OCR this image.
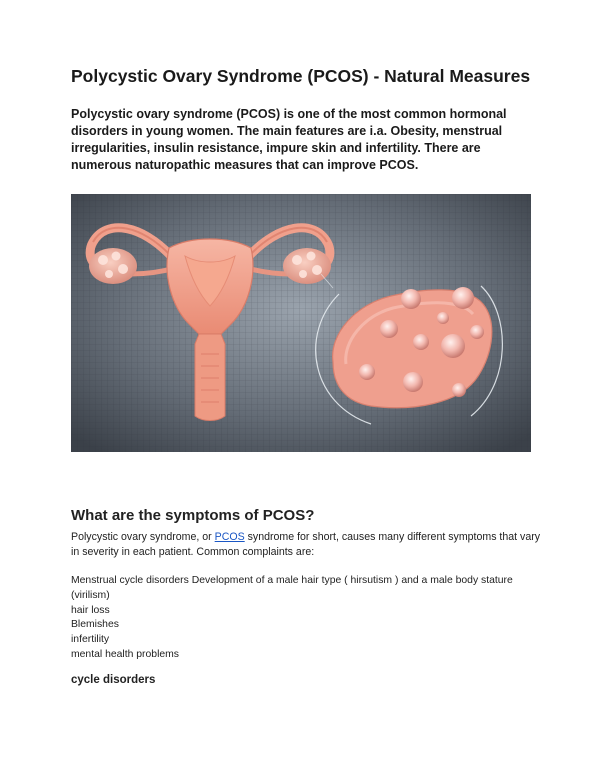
Polycystic Ovary Syndrome (PCOS) - Natural Measures
Polycystic ovary syndrome (PCOS) is one of the most common hormonal disorders in young women. The main features are i.a. Obesity, menstrual irregularities, insulin resistance, impure skin and infertility. There are numerous naturopathic measures that can improve PCOS.
What are the symptoms of PCOS?
Polycystic ovary syndrome, or PCOS syndrome for short, causes many different symptoms that vary in severity in each patient. Common complaints are:
Menstrual cycle disorders Development of a male hair type ( hirsutism ) and a male body stature
(virilism)
hair loss
Blemishes
infertility
mental health problems
cycle disorders
